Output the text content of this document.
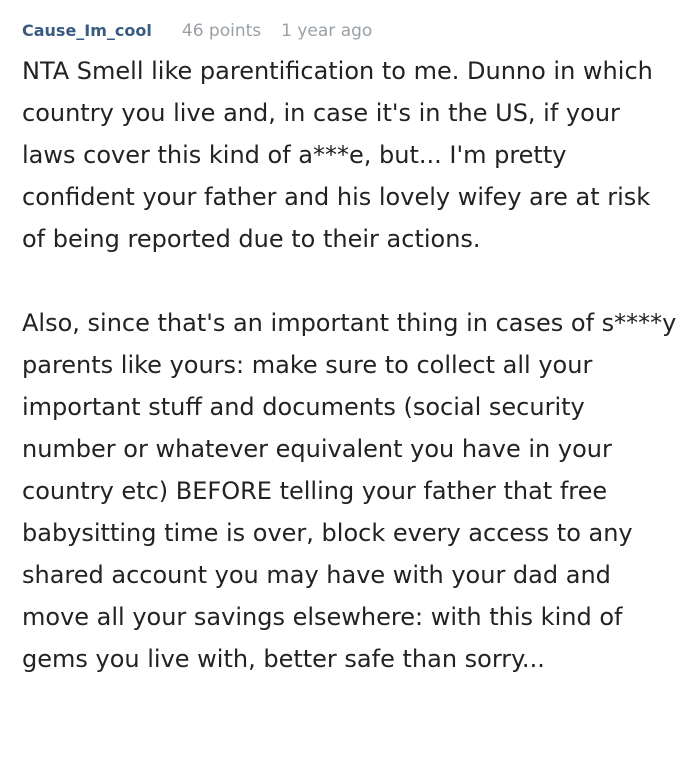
Cause_Im_cool 46 points 1 year ago

NTA Smell like parentification to me. Dunno in which country you live and, in case it's in the US, if your laws cover this kind of a***e, but... I'm pretty confident your father and his lovely wifey are at risk of being reported due to their actions.

Also, since that's an important thing in cases of s****y parents like yours: make sure to collect all your important stuff and documents (social security number or whatever equivalent you have in your country etc) BEFORE telling your father that free babysitting time is over, block every access to any shared account you may have with your dad and move all your savings elsewhere: with this kind of gems you live with, better safe than sorry...
